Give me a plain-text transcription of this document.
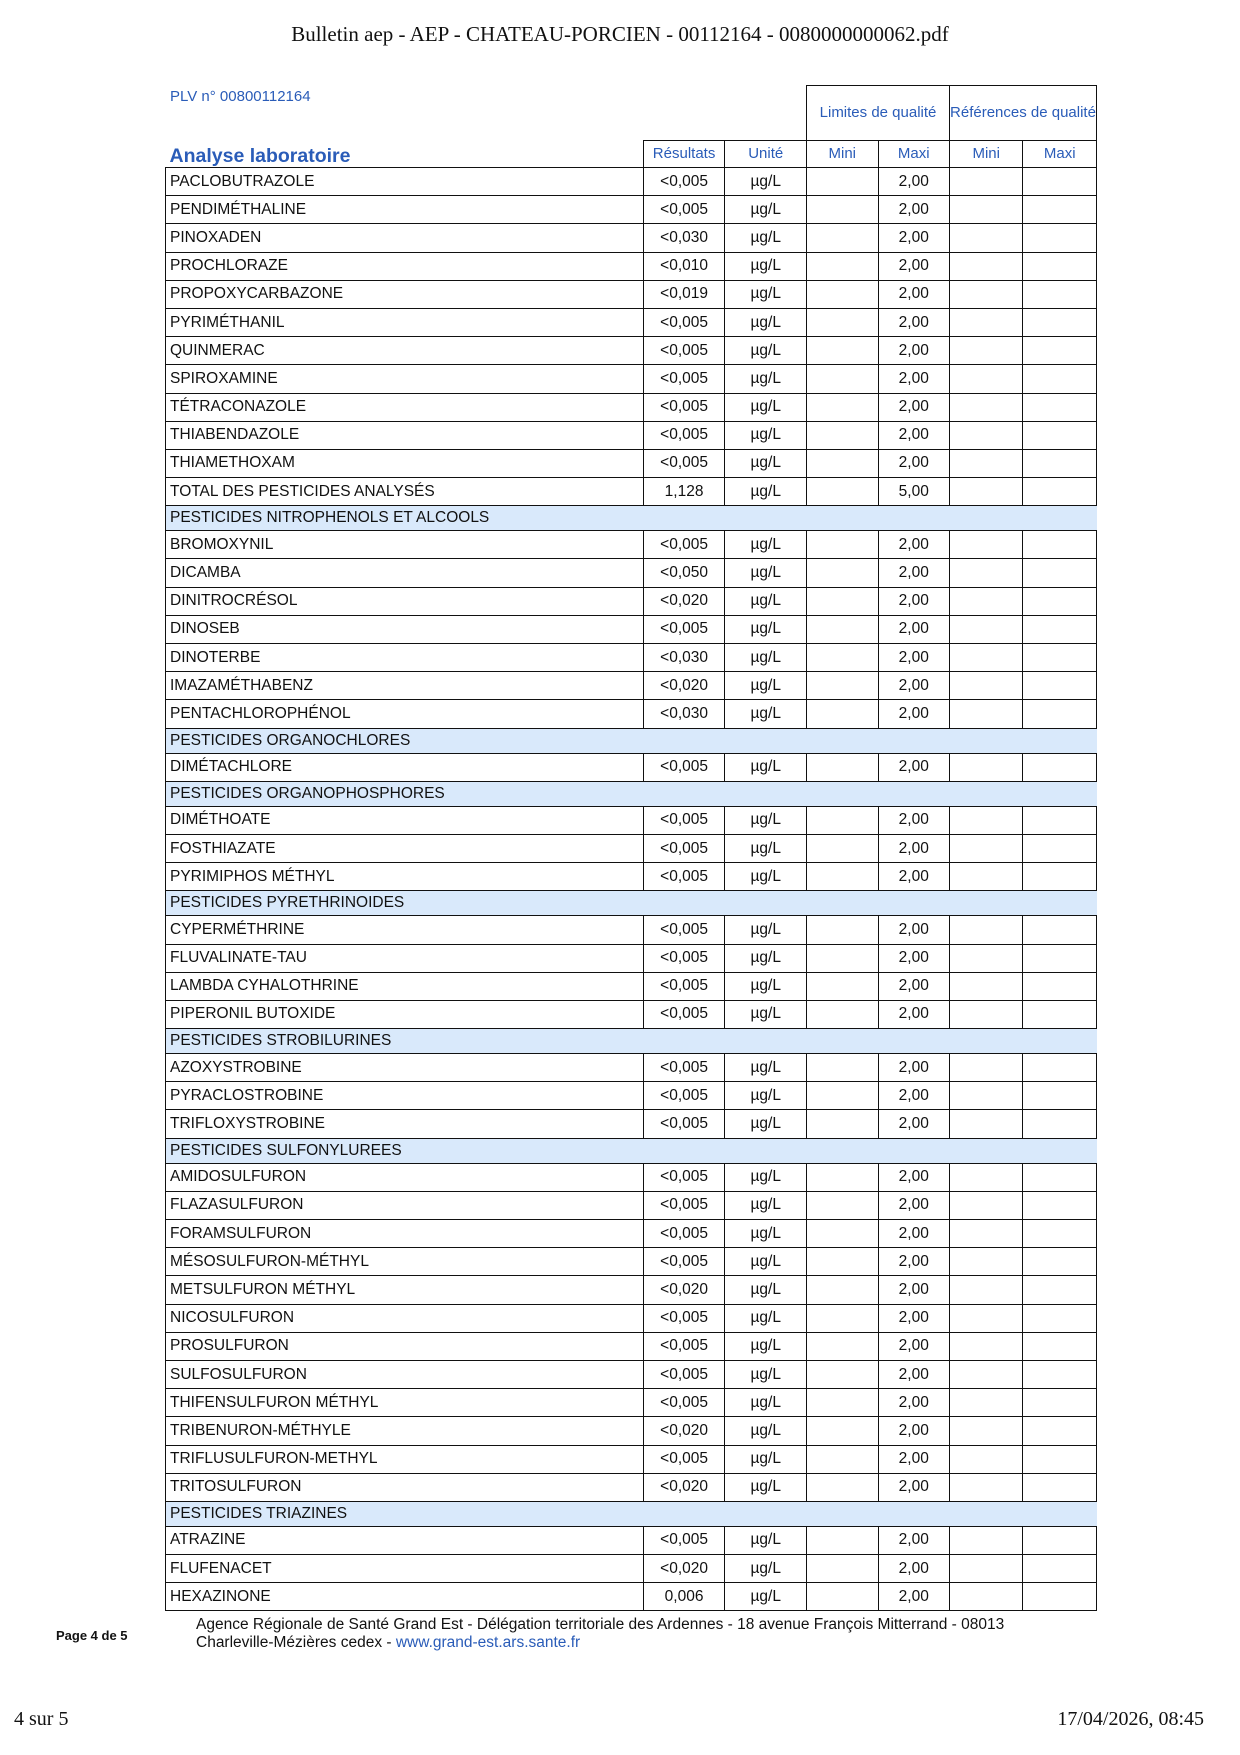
Bulletin aep - AEP - CHATEAU-PORCIEN - 00112164 - 0080000000062.pdf
PLV n° 00800112164
			Limites de qualité		Références de qualité	
Analyse laboratoire	Résultats	Unité	Mini	Maxi	Mini	Maxi
PACLOBUTRAZOLE	<0,005	µg/L		2,00		
PENDIMÉTHALINE	<0,005	µg/L		2,00		
PINOXADEN	<0,030	µg/L		2,00		
PROCHLORAZE	<0,010	µg/L		2,00		
PROPOXYCARBAZONE	<0,019	µg/L		2,00		
PYRIMÉTHANIL	<0,005	µg/L		2,00		
QUINMERAC	<0,005	µg/L		2,00		
SPIROXAMINE	<0,005	µg/L		2,00		
TÉTRACONAZOLE	<0,005	µg/L		2,00		
THIABENDAZOLE	<0,005	µg/L		2,00		
THIAMETHOXAM	<0,005	µg/L		2,00		
TOTAL DES PESTICIDES ANALYSÉS	1,128	µg/L		5,00		
PESTICIDES NITROPHENOLS ET ALCOOLS						
BROMOXYNIL	<0,005	µg/L		2,00		
DICAMBA	<0,050	µg/L		2,00		
DINITROCRÉSOL	<0,020	µg/L		2,00		
DINOSEB	<0,005	µg/L		2,00		
DINOTERBE	<0,030	µg/L		2,00		
IMAZAMÉTHABENZ	<0,020	µg/L		2,00		
PENTACHLOROPHÉNOL	<0,030	µg/L		2,00		
PESTICIDES ORGANOCHLORES						
DIMÉTACHLORE	<0,005	µg/L		2,00		
PESTICIDES ORGANOPHOSPHORES						
DIMÉTHOATE	<0,005	µg/L		2,00		
FOSTHIAZATE	<0,005	µg/L		2,00		
PYRIMIPHOS MÉTHYL	<0,005	µg/L		2,00		
PESTICIDES PYRETHRINOIDES						
CYPERMÉTHRINE	<0,005	µg/L		2,00		
FLUVALINATE-TAU	<0,005	µg/L		2,00		
LAMBDA CYHALOTHRINE	<0,005	µg/L		2,00		
PIPERONIL BUTOXIDE	<0,005	µg/L		2,00		
PESTICIDES STROBILURINES						
AZOXYSTROBINE	<0,005	µg/L		2,00		
PYRACLOSTROBINE	<0,005	µg/L		2,00		
TRIFLOXYSTROBINE	<0,005	µg/L		2,00		
PESTICIDES SULFONYLUREES						
AMIDOSULFURON	<0,005	µg/L		2,00		
FLAZASULFURON	<0,005	µg/L		2,00		
FORAMSULFURON	<0,005	µg/L		2,00		
MÉSOSULFURON-MÉTHYL	<0,005	µg/L		2,00		
METSULFURON MÉTHYL	<0,020	µg/L		2,00		
NICOSULFURON	<0,005	µg/L		2,00		
PROSULFURON	<0,005	µg/L		2,00		
SULFOSULFURON	<0,005	µg/L		2,00		
THIFENSULFURON MÉTHYL	<0,005	µg/L		2,00		
TRIBENURON-MÉTHYLE	<0,020	µg/L		2,00		
TRIFLUSULFURON-METHYL	<0,005	µg/L		2,00		
TRITOSULFURON	<0,020	µg/L		2,00		
PESTICIDES TRIAZINES						
ATRAZINE	<0,005	µg/L		2,00		
FLUFENACET	<0,020	µg/L		2,00		
HEXAZINONE	0,006	µg/L		2,00		
Page 4 de 5
Agence Régionale de Santé Grand Est - Délégation territoriale des Ardennes - 18 avenue François Mitterrand - 08013
Charleville-Mézières cedex - www.grand-est.ars.sante.fr
4 sur 5	17/04/2026, 08:45
